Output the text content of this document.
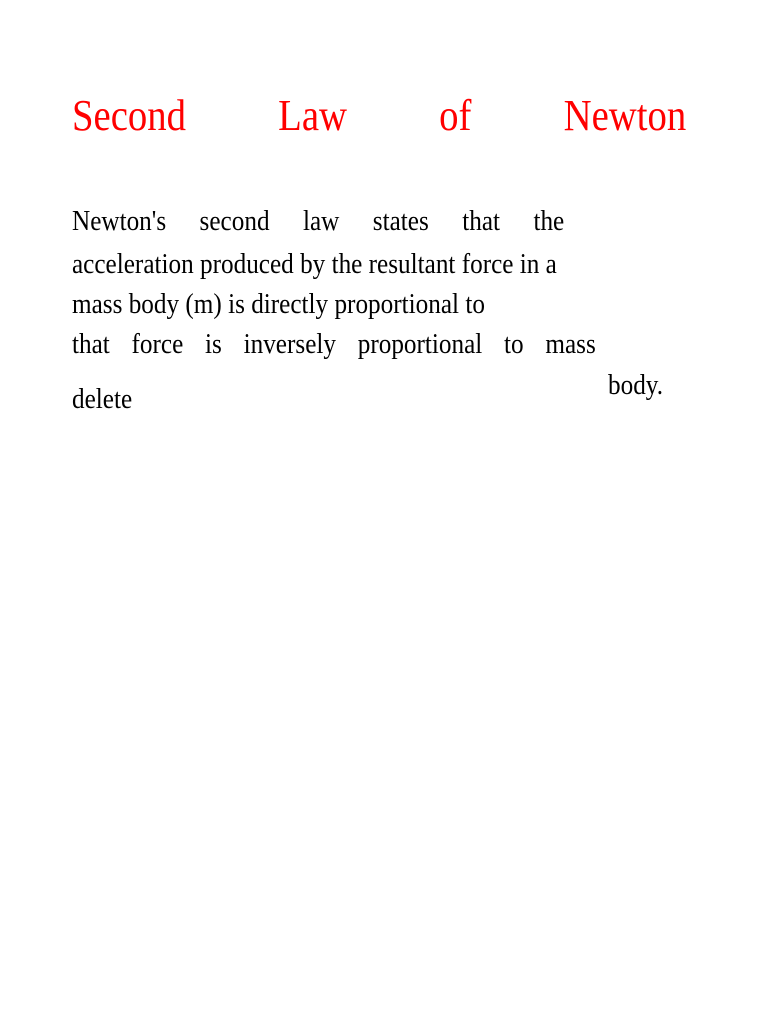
Second Law of Newton
Newton's second law states that the
acceleration produced by the resultant force in a
mass body (m) is directly proportional to
that force is inversely proportional to mass
body.
delete
